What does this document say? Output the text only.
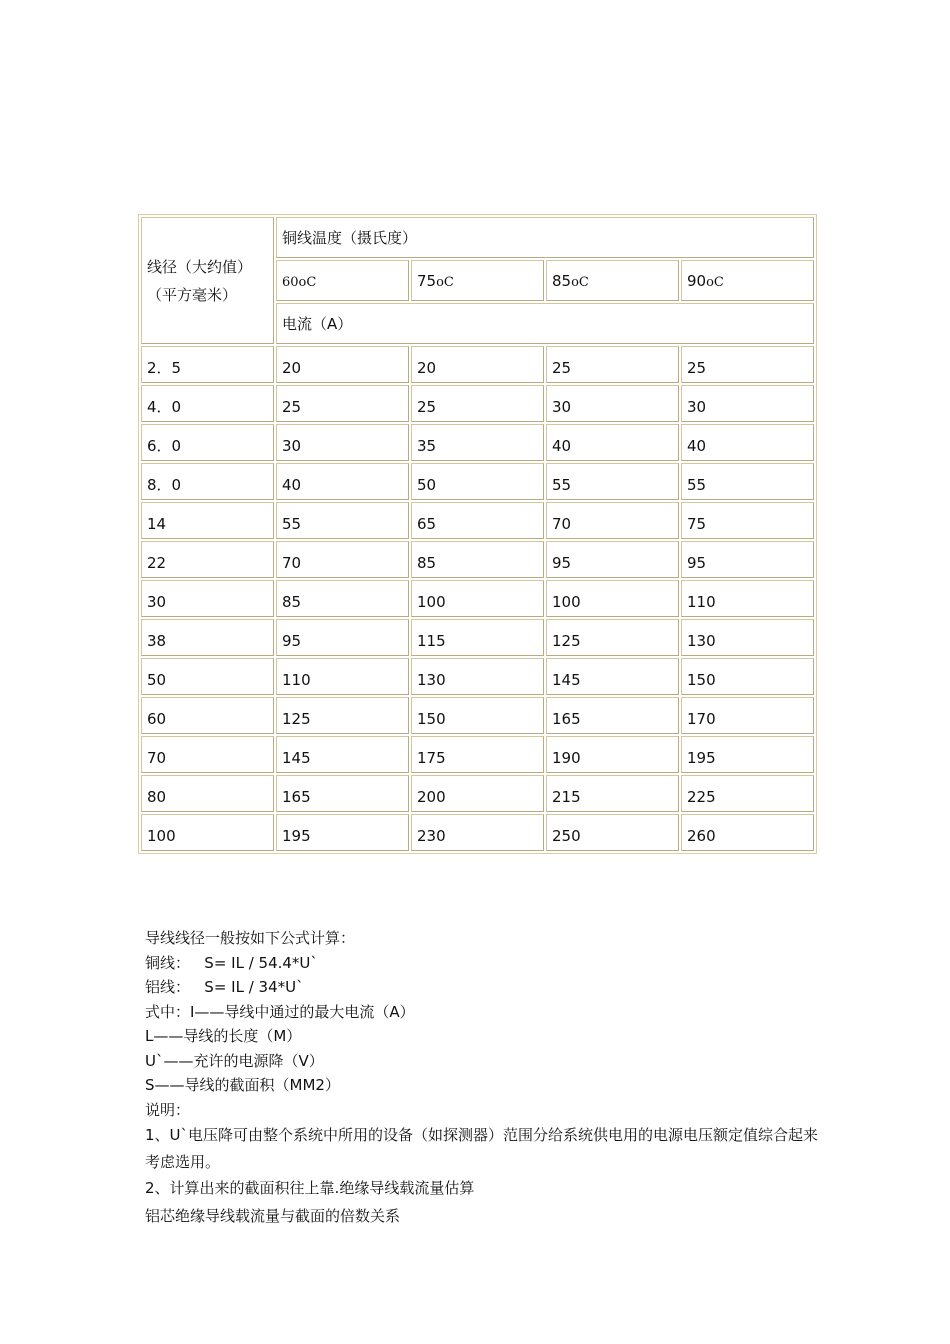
线径（大约值）
（平方毫米）	铜线温度（摄氏度）			
	60oC	75oC	85oC	90oC
	电流（A）			
2．5	20	20	25	25
4．0	25	25	30	30
6．0	30	35	40	40
8．0	40	50	55	55
14	55	65	70	75
22	70	85	95	95
30	85	100	100	110
38	95	115	125	130
50	110	130	145	150
60	125	150	165	170
70	145	175	190	195
80	165	200	215	225
100	195	230	250	260
导线线径一般按如下公式计算：
铜线：   S= IL / 54.4*U`
铝线：   S= IL / 34*U`
式中：I——导线中通过的最大电流（A）
L——导线的长度（M）
U`——充许的电源降（V）
S——导线的截面积（MM2）
说明：
1、U`电压降可由整个系统中所用的设备（如探测器）范围分给系统供电用的电源电压额定值综合起来考虑选用。
2、计算出来的截面积往上靠.绝缘导线载流量估算
铝芯绝缘导线载流量与截面的倍数关系
